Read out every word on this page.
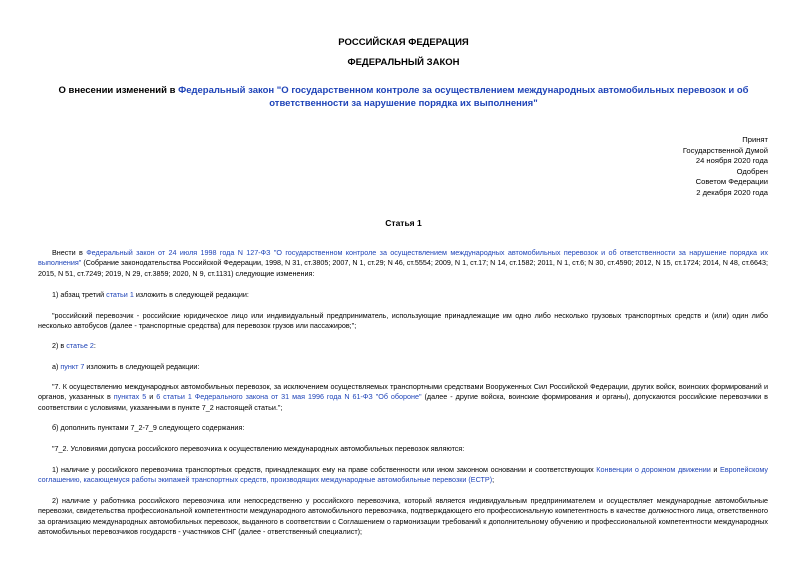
РОССИЙСКАЯ ФЕДЕРАЦИЯ
ФЕДЕРАЛЬНЫЙ ЗАКОН
О внесении изменений в Федеральный закон "О государственном контроле за осуществлением международных автомобильных перевозок и об ответственности за нарушение порядка их выполнения"
Принят
Государственной Думой
24 ноября 2020 года
Одобрен
Советом Федерации
2 декабря 2020 года
Статья 1
Внести в Федеральный закон от 24 июля 1998 года N 127-ФЗ "О государственном контроле за осуществлением международных автомобильных перевозок и об ответственности за нарушение порядка их выполнения" (Собрание законодательства Российской Федерации, 1998, N 31, ст.3805; 2007, N 1, ст.29; N 46, ст.5554; 2009, N 1, ст.17; N 14, ст.1582; 2011, N 1, ст.6; N 30, ст.4590; 2012, N 15, ст.1724; 2014, N 48, ст.6643; 2015, N 51, ст.7249; 2019, N 29, ст.3859; 2020, N 9, ст.1131) следующие изменения:
1) абзац третий статьи 1 изложить в следующей редакции:
"российский перевозчик - российские юридическое лицо или индивидуальный предприниматель, использующие принадлежащие им одно либо несколько грузовых транспортных средств и (или) один либо несколько автобусов (далее - транспортные средства) для перевозок грузов или пассажиров;";
2) в статье 2:
а) пункт 7 изложить в следующей редакции:
"7. К осуществлению международных автомобильных перевозок, за исключением осуществляемых транспортными средствами Вооруженных Сил Российской Федерации, других войск, воинских формирований и органов, указанных в пунктах 5 и 6 статьи 1 Федерального закона от 31 мая 1996 года N 61-ФЗ "Об обороне" (далее - другие войска, воинские формирования и органы), допускаются российские перевозчики в соответствии с условиями, указанными в пункте 7_2 настоящей статьи.";
б) дополнить пунктами 7_2-7_9 следующего содержания:
"7_2. Условиями допуска российского перевозчика к осуществлению международных автомобильных перевозок являются:
1) наличие у российского перевозчика транспортных средств, принадлежащих ему на праве собственности или ином законном основании и соответствующих Конвенции о дорожном движении и Европейскому соглашению, касающемуся работы экипажей транспортных средств, производящих международные автомобильные перевозки (ЕСТР);
2) наличие у работника российского перевозчика или непосредственно у российского перевозчика, который является индивидуальным предпринимателем и осуществляет международные автомобильные перевозки, свидетельства профессиональной компетентности международного автомобильного перевозчика, подтверждающего его профессиональную компетентность в качестве должностного лица, ответственного за организацию международных автомобильных перевозок, выданного в соответствии с Соглашением о гармонизации требований к дополнительному обучению и профессиональной компетентности международных автомобильных перевозчиков государств - участников СНГ (далее - ответственный специалист);
